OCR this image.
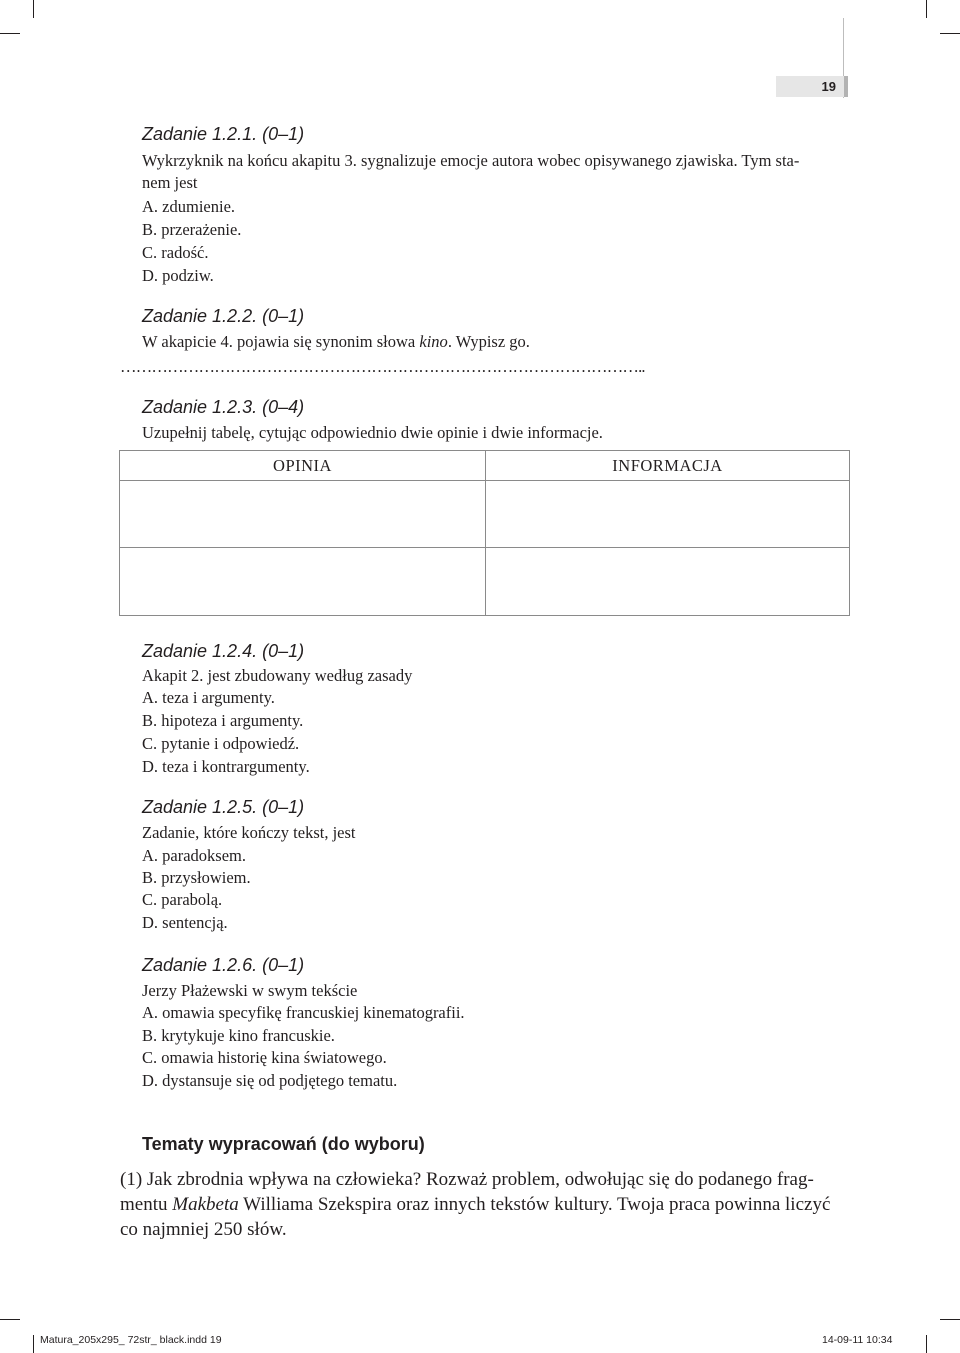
19
Zadanie 1.2.1. (0–1)
Wykrzyknik na końcu akapitu 3. sygnalizuje emocje autora wobec opisywanego zjawiska. Tym sta-
nem jest
A. zdumienie.
B. przerażenie.
C. radość.
D. podziw.
Zadanie 1.2.2. (0–1)
W akapicie 4. pojawia się synonim słowa kino. Wypisz go.
………………………………………………………………………………………..
Zadanie 1.2.3. (0–4)
Uzupełnij tabelę, cytując odpowiednio dwie opinie i dwie informacje.
OPINIA	INFORMACJA
Zadanie 1.2.4. (0–1)
Akapit 2. jest zbudowany według zasady
A. teza i argumenty.
B. hipoteza i argumenty.
C. pytanie i odpowiedź.
D. teza i kontrargumenty.
Zadanie 1.2.5. (0–1)
Zadanie, które kończy tekst, jest
A. paradoksem.
B. przysłowiem.
C. parabolą.
D. sentencją.
Zadanie 1.2.6. (0–1)
Jerzy Płażewski w swym tekście
A. omawia specyfikę francuskiej kinematografii.
B. krytykuje kino francuskie.
C. omawia historię kina światowego.
D. dystansuje się od podjętego tematu.
Tematy wypracowań (do wyboru)
(1) Jak zbrodnia wpływa na człowieka? Rozważ problem, odwołując się do podanego fragmentu Makbeta Williama Szekspira oraz innych tekstów kultury. Twoja praca powinna liczyć co najmniej 250 słów.
Matura_205x295_ 72str_ black.indd 19	14-09-11 10:34
